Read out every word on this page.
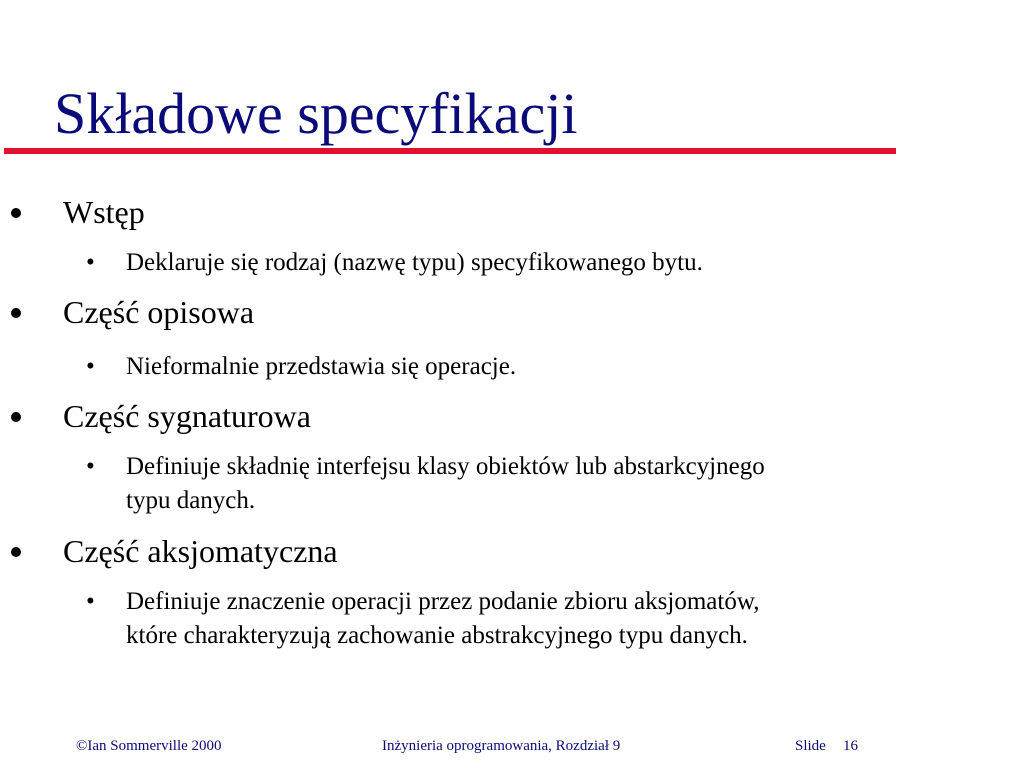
Składowe specyfikacji
Wstęp
• Deklaruje się rodzaj (nazwę typu) specyfikowanego bytu.
Część opisowa
• Nieformalnie przedstawia się operacje.
Część sygnaturowa
• Definiuje składnię interfejsu klasy obiektów lub abstarkcyjnego
typu danych.
Część aksjomatyczna
• Definiuje znaczenie operacji przez podanie zbioru aksjomatów,
które charakteryzują zachowanie abstrakcyjnego typu danych.
©Ian Sommerville 2000	Inżynieria oprogramowania, Rozdział 9	Slide 16
